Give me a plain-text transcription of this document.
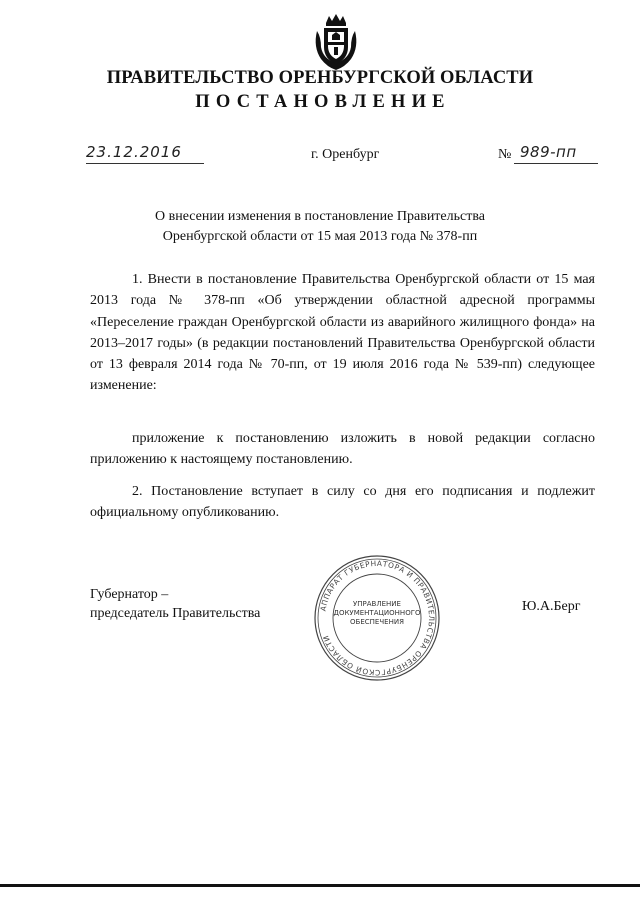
ПРАВИТЕЛЬСТВО ОРЕНБУРГСКОЙ ОБЛАСТИ
ПОСТАНОВЛЕНИЕ
23.12.2016	г. Оренбург	№ 989-пп
О внесении изменения в постановление Правительства
Оренбургской области от 15 мая 2013 года № 378-пп
1. Внести в постановление Правительства Оренбургской области от 15 мая 2013 года № 378-пп «Об утверждении областной адресной программы «Переселение граждан Оренбургской области из аварийного жилищного фонда» на 2013–2017 годы» (в редакции постановлений Правительства Оренбургской области от 13 февраля 2014 года № 70-пп, от 19 июля 2016 года № 539-пп) следующее изменение:
приложение к постановлению изложить в новой редакции согласно приложению к настоящему постановлению.
2. Постановление вступает в силу со дня его подписания и подлежит официальному опубликованию.
Губернатор –
председатель Правительства	АППАРАТ ГУБЕРНАТОРА И ПРАВИТЕЛЬСТВА ОРЕНБУРГСКОЙ ОБЛАСТИ
УПРАВЛЕНИЕ
ДОКУМЕНТАЦИОННОГО
ОБЕСПЕЧЕНИЯ
Ю.А.Берг
